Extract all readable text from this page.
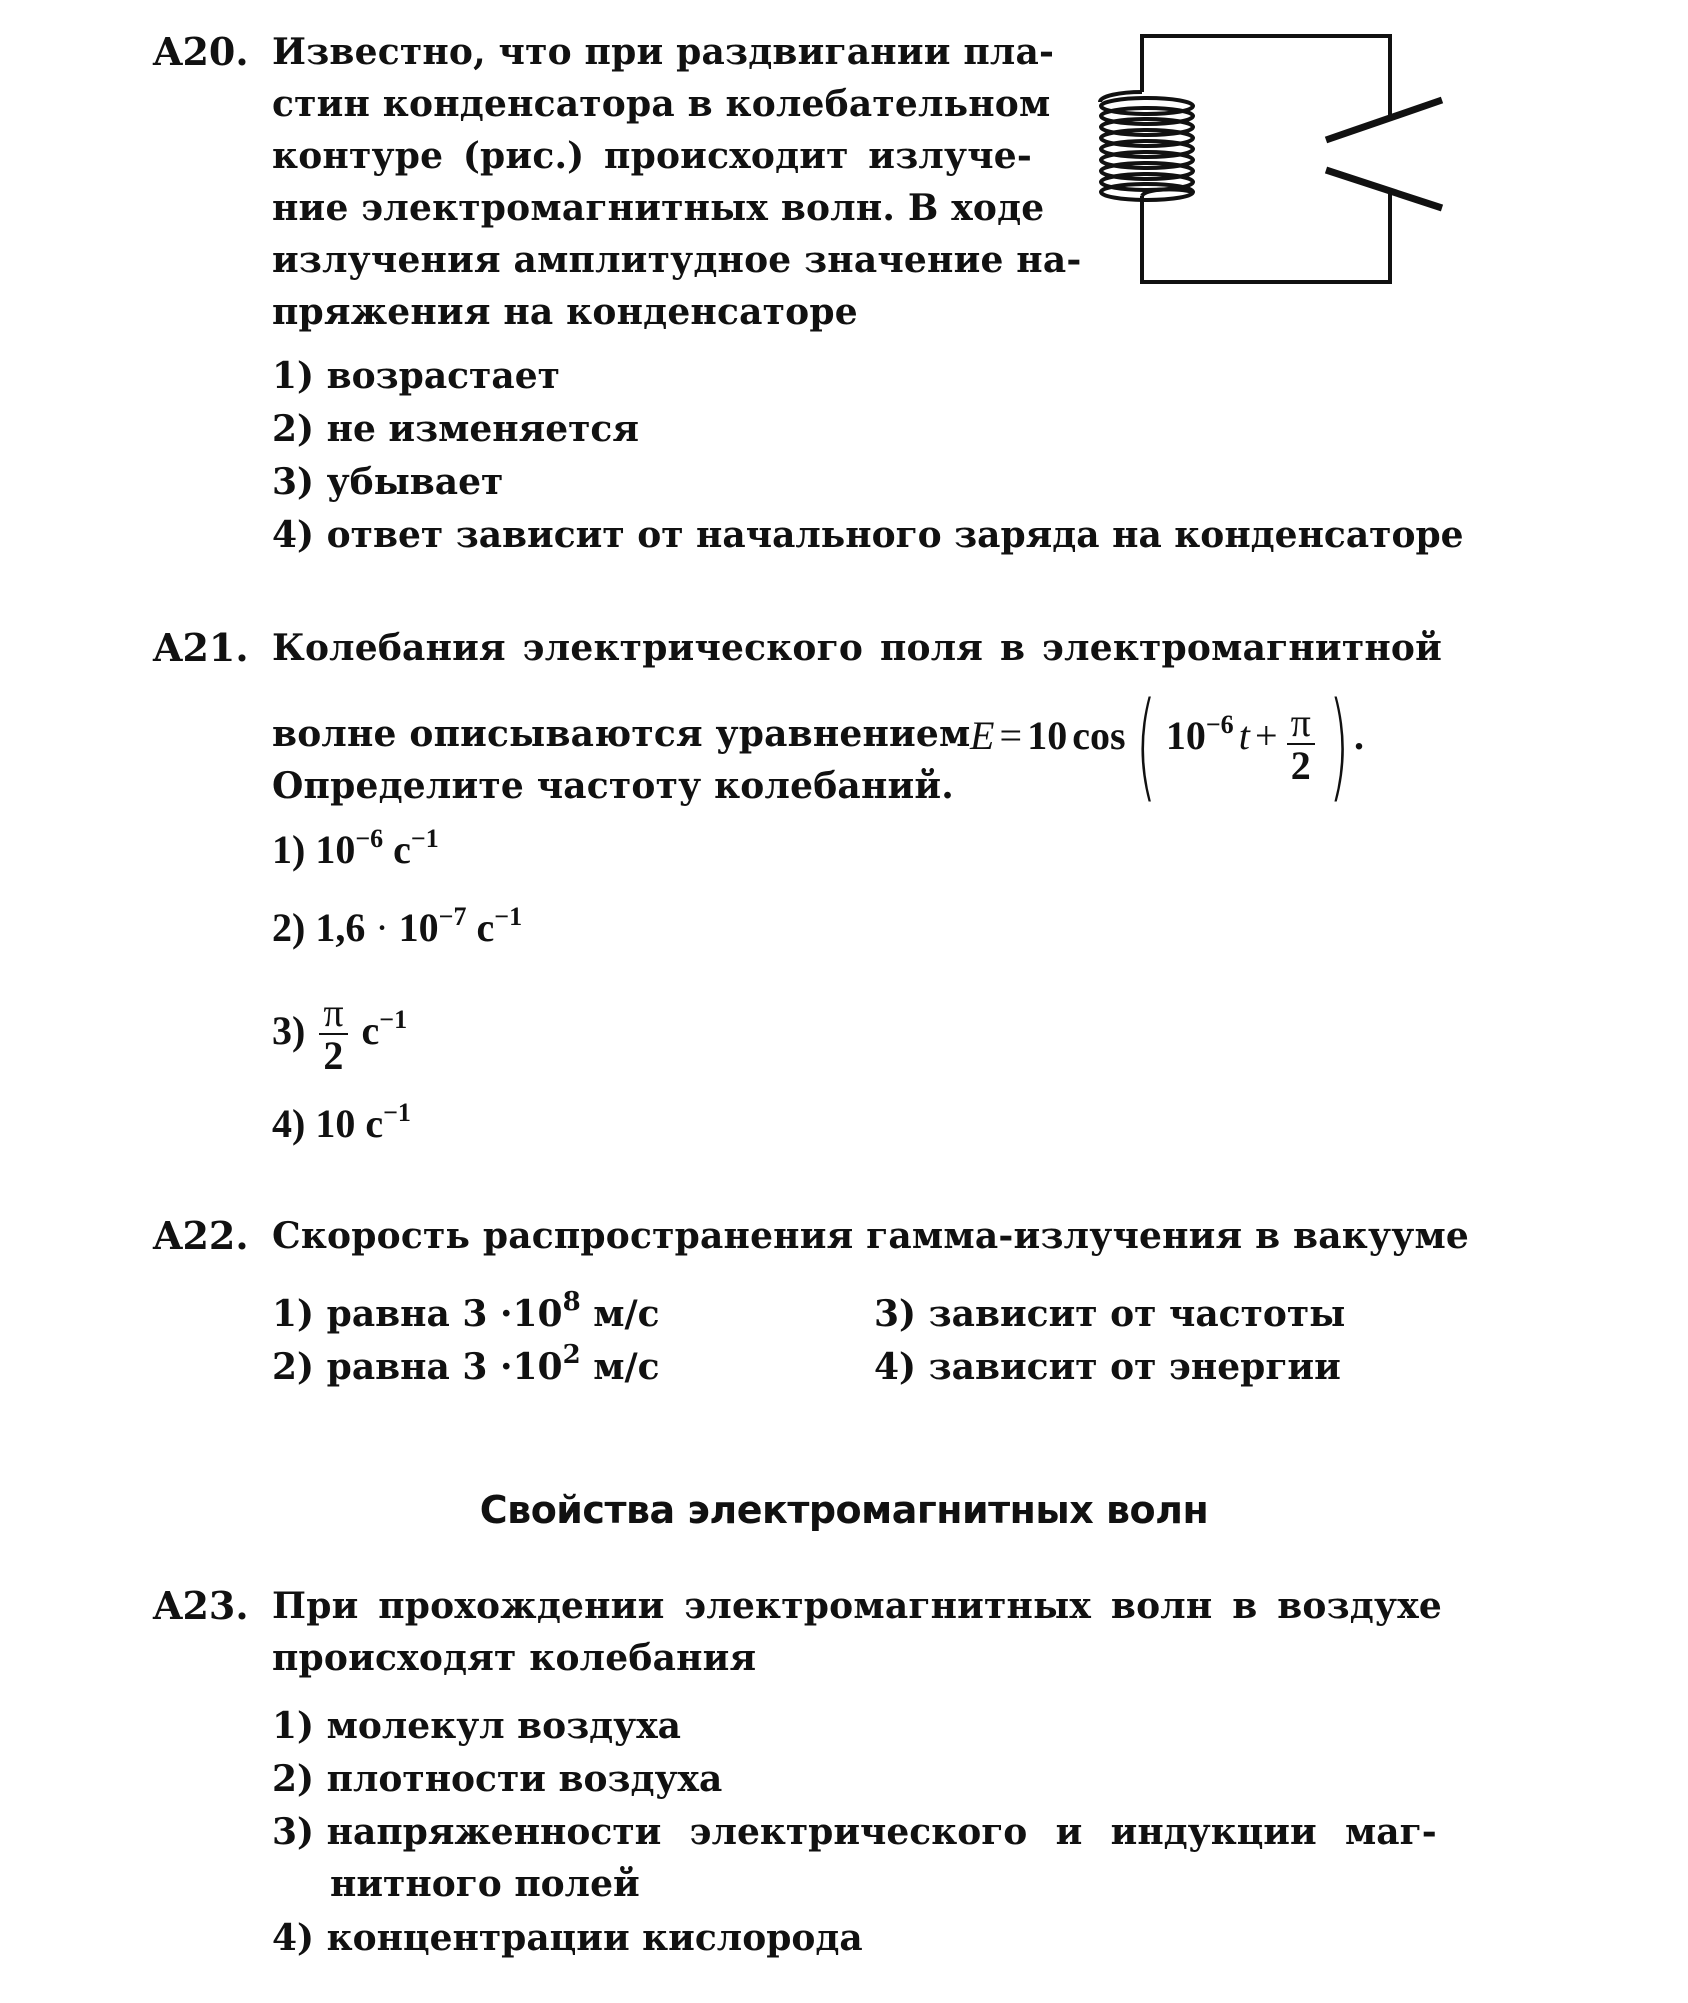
A20. Известно, что при раздвигании пла-
стин конденсатора в колебательном
контуре (рис.) происходит излуче-
ние электромагнитных волн. В ходе
излучения амплитудное значение на-
пряжения на конденсаторе
1) возрастает
2) не изменяется
3) убывает
4) ответ зависит от начального заряда на конденсаторе
A21. Колебания электрического поля в электромагнитной
волне описываются уравнением E = 10 cos ( $10^{-6}$ $t + \frac{\pi}{2}$ ) .
Определите частоту колебаний.
1) $10^{-6}$ $с^{-1}$
2) $1,6 \cdot 10^{-7}$ $с^{-1}$
$3) \frac{\pi}{2} с^{-1}$
4) 10 $с^{-1}$
A22. Скорость распространения гамма-излучения в вакууме
1) равна $3 \cdot 10^8$ м/с
2) равна $3 \cdot 10^2$ м/с
3) зависит от частоты
4) зависит от энергии
Свойства электромагнитных волн
A23. При прохождении электромагнитных волн в воздухе
происходят колебания
1) молекул воздуха
2) плотности воздуха
3) напряженности электрического и индукции маг-
нитного полей
4) концентрации кислорода
